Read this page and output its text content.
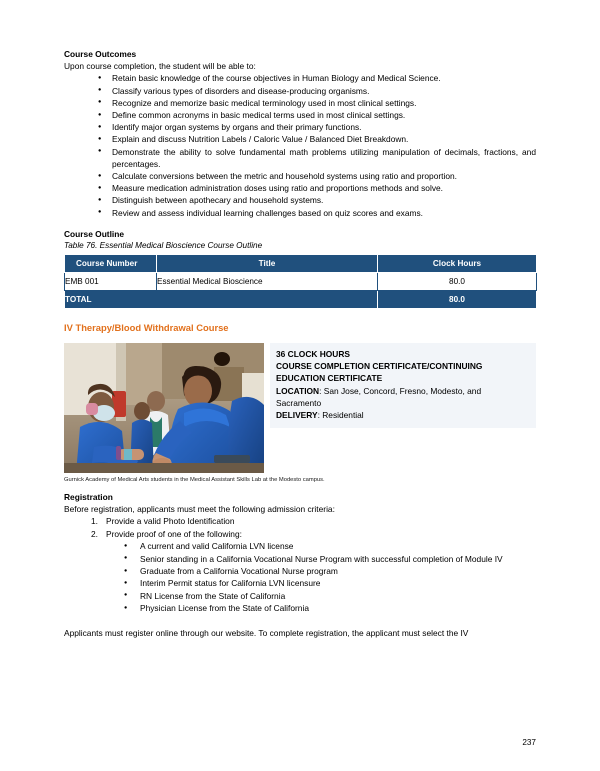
Course Outcomes
Upon course completion, the student will be able to:
● Retain basic knowledge of the course objectives in Human Biology and Medical Science.
● Classify various types of disorders and disease-producing organisms.
● Recognize and memorize basic medical terminology used in most clinical settings.
● Define common acronyms in basic medical terms used in most clinical settings.
● Identify major organ systems by organs and their primary functions.
● Explain and discuss Nutrition Labels / Caloric Value / Balanced Diet Breakdown.
● Demonstrate the ability to solve fundamental math problems utilizing manipulation of decimals, fractions, and percentages.
● Calculate conversions between the metric and household systems using ratio and proportion.
● Measure medication administration doses using ratio and proportions methods and solve.
● Distinguish between apothecary and household systems.
● Review and assess individual learning challenges based on quiz scores and exams.
Course Outline
Table 76. Essential Medical Bioscience Course Outline
Course Number	Title	Clock Hours
EMB 001	Essential Medical Bioscience	80.0
TOTAL		80.0
IV Therapy/Blood Withdrawal Course
Gurnick Academy of Medical Arts students in the Medical Assistant Skills Lab at the Modesto campus.
36 CLOCK HOURS
COURSE COMPLETION CERTIFICATE/CONTINUING
EDUCATION CERTIFICATE
LOCATION: San Jose, Concord, Fresno, Modesto, and
Sacramento
DELIVERY: Residential
Registration
Before registration, applicants must meet the following admission criteria:
Provide a valid Photo Identification
Provide proof of one of the following:
● A current and valid California LVN license
● Senior standing in a California Vocational Nurse Program with successful completion of Module IV
● Graduate from a California Vocational Nurse program
● Interim Permit status for California LVN licensure
● RN License from the State of California
● Physician License from the State of California
Applicants must register online through our website. To complete registration, the applicant must select the IV
237
